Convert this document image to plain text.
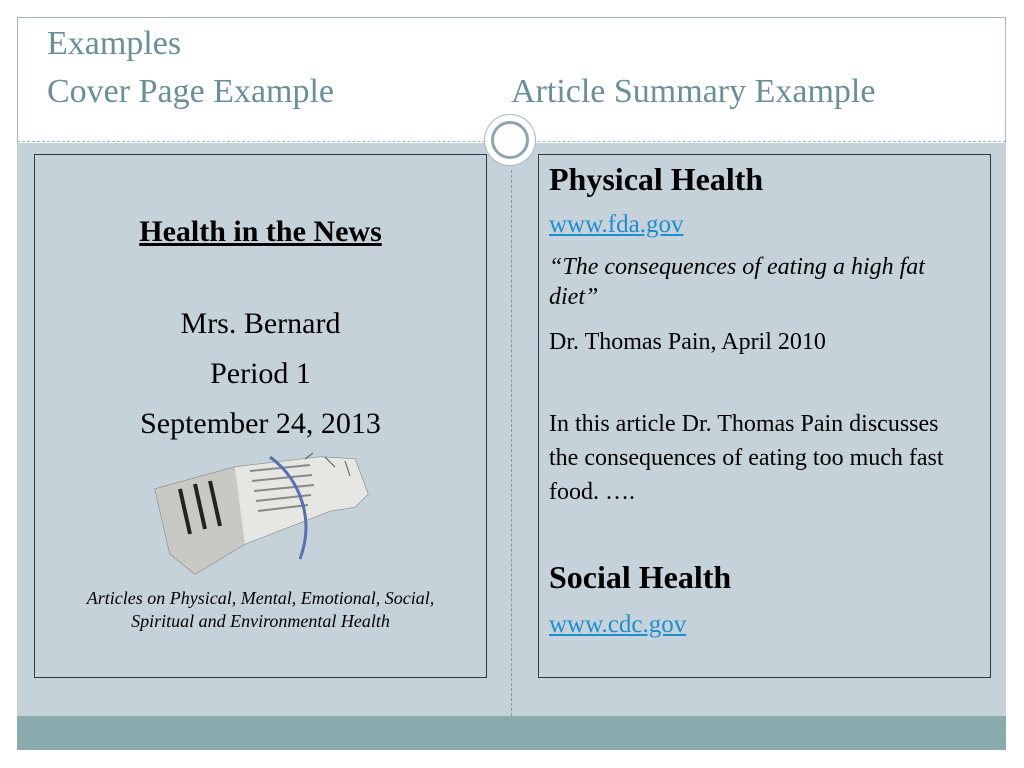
Examples
Cover Page Example	Article Summary Example
Health in the News
Mrs. Bernard
Period 1
September 24, 2013
Articles on Physical, Mental, Emotional, Social, Spiritual and Environmental Health
Physical Health
www.fda.gov
“The consequences of eating a high fat diet”
Dr. Thomas Pain, April 2010
In this article Dr. Thomas Pain discusses the consequences of eating too much fast food. ….
Social Health
www.cdc.gov
